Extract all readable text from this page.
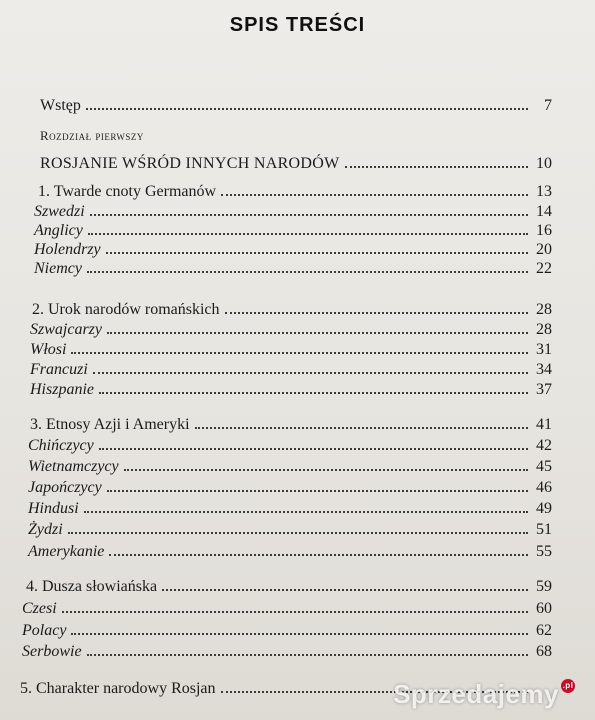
SPIS TREŚCI
Wstęp	7
Rozdział pierwszy
ROSJANIE WŚRÓD INNYCH NARODÓW	10
1. Twarde cnoty Germanów	13
Szwedzi	14
Anglicy	16
Holendrzy	20
Niemcy	22
2. Urok narodów romańskich	28
Szwajcarzy	28
Włosi	31
Francuzi	34
Hiszpanie	37
3. Etnosy Azji i Ameryki	41
Chińczycy	42
Wietnamczycy	45
Japończycy	46
Hindusi	49
Żydzi	51
Amerykanie	55
4. Dusza słowiańska	59
Czesi	60
Polacy	62
Serbowie	68
5. Charakter narodowy Rosjan	Sprzedajemy .pl
